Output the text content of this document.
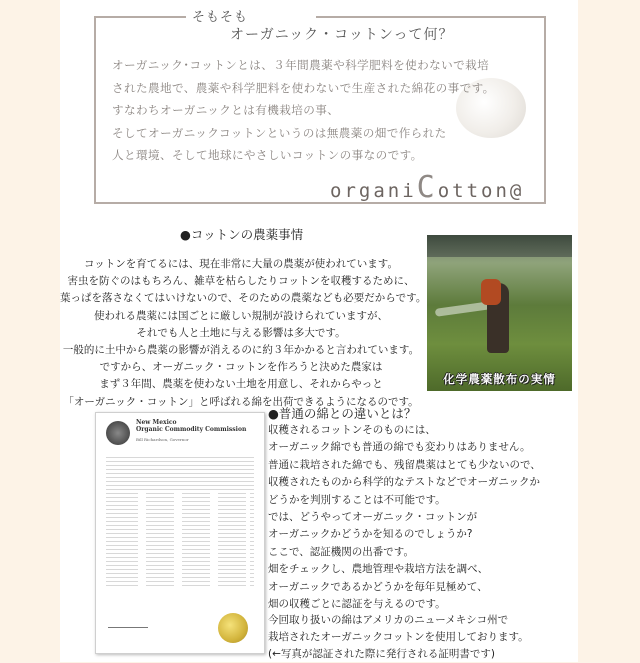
そもそも
オーガニック・コットンって何？

オーガニック･コットンとは、３年間農薬や科学肥料を使わないで栽培

された農地で、農薬や科学肥料を使わないで生産された綿花の事です。

すなわちオーガニックとは有機栽培の事、

そしてオーガニックコットンというのは無農薬の畑で作られた

人と環境、そして地球にやさしいコットンの事なのです。

organiCotton@
●コットンの農薬事情

コットンを育てるには、現在非常に大量の農薬が使われています。

害虫を防ぐのはもちろん、雑草を枯らしたりコットンを収穫するために、

葉っぱを落さなくてはいけないので、そのための農薬なども必要だからです。

使われる農薬には国ごとに厳しい規制が設けられていますが、

それでも人と土地に与える影響は多大です。

一般的に土中から農薬の影響が消えるのに約３年かかると言われています。

ですから、オーガニック・コットンを作ろうと決めた農家は

まず３年間、農薬を使わない土地を用意し、それからやっと

「オーガニック・コットン」と呼ばれる綿を出荷できるようになるのです。

化学農薬散布の実情
New Mexico
Organic Commodity Commission
Bill Richardson, Governor
●普通の綿との違いとは？

収穫されるコットンそのものには、

オーガニック綿でも普通の綿でも変わりはありません。

普通に栽培された綿でも、残留農薬はとても少ないので、

収穫されたものから科学的なテストなどでオーガニックか

どうかを判別することは不可能です。

では、どうやってオーガニック・コットンが

オーガニックかどうかを知るのでしょうか?

ここで、認証機関の出番です。

畑をチェックし、農地管理や栽培方法を調べ、

オーガニックであるかどうかを毎年見極めて、

畑の収穫ごとに認証を与えるのです。

今回取り扱いの綿はアメリカのニューメキシコ州で

栽培されたオーガニックコットンを使用しております。

(←写真が認証された際に発行される証明書です)
